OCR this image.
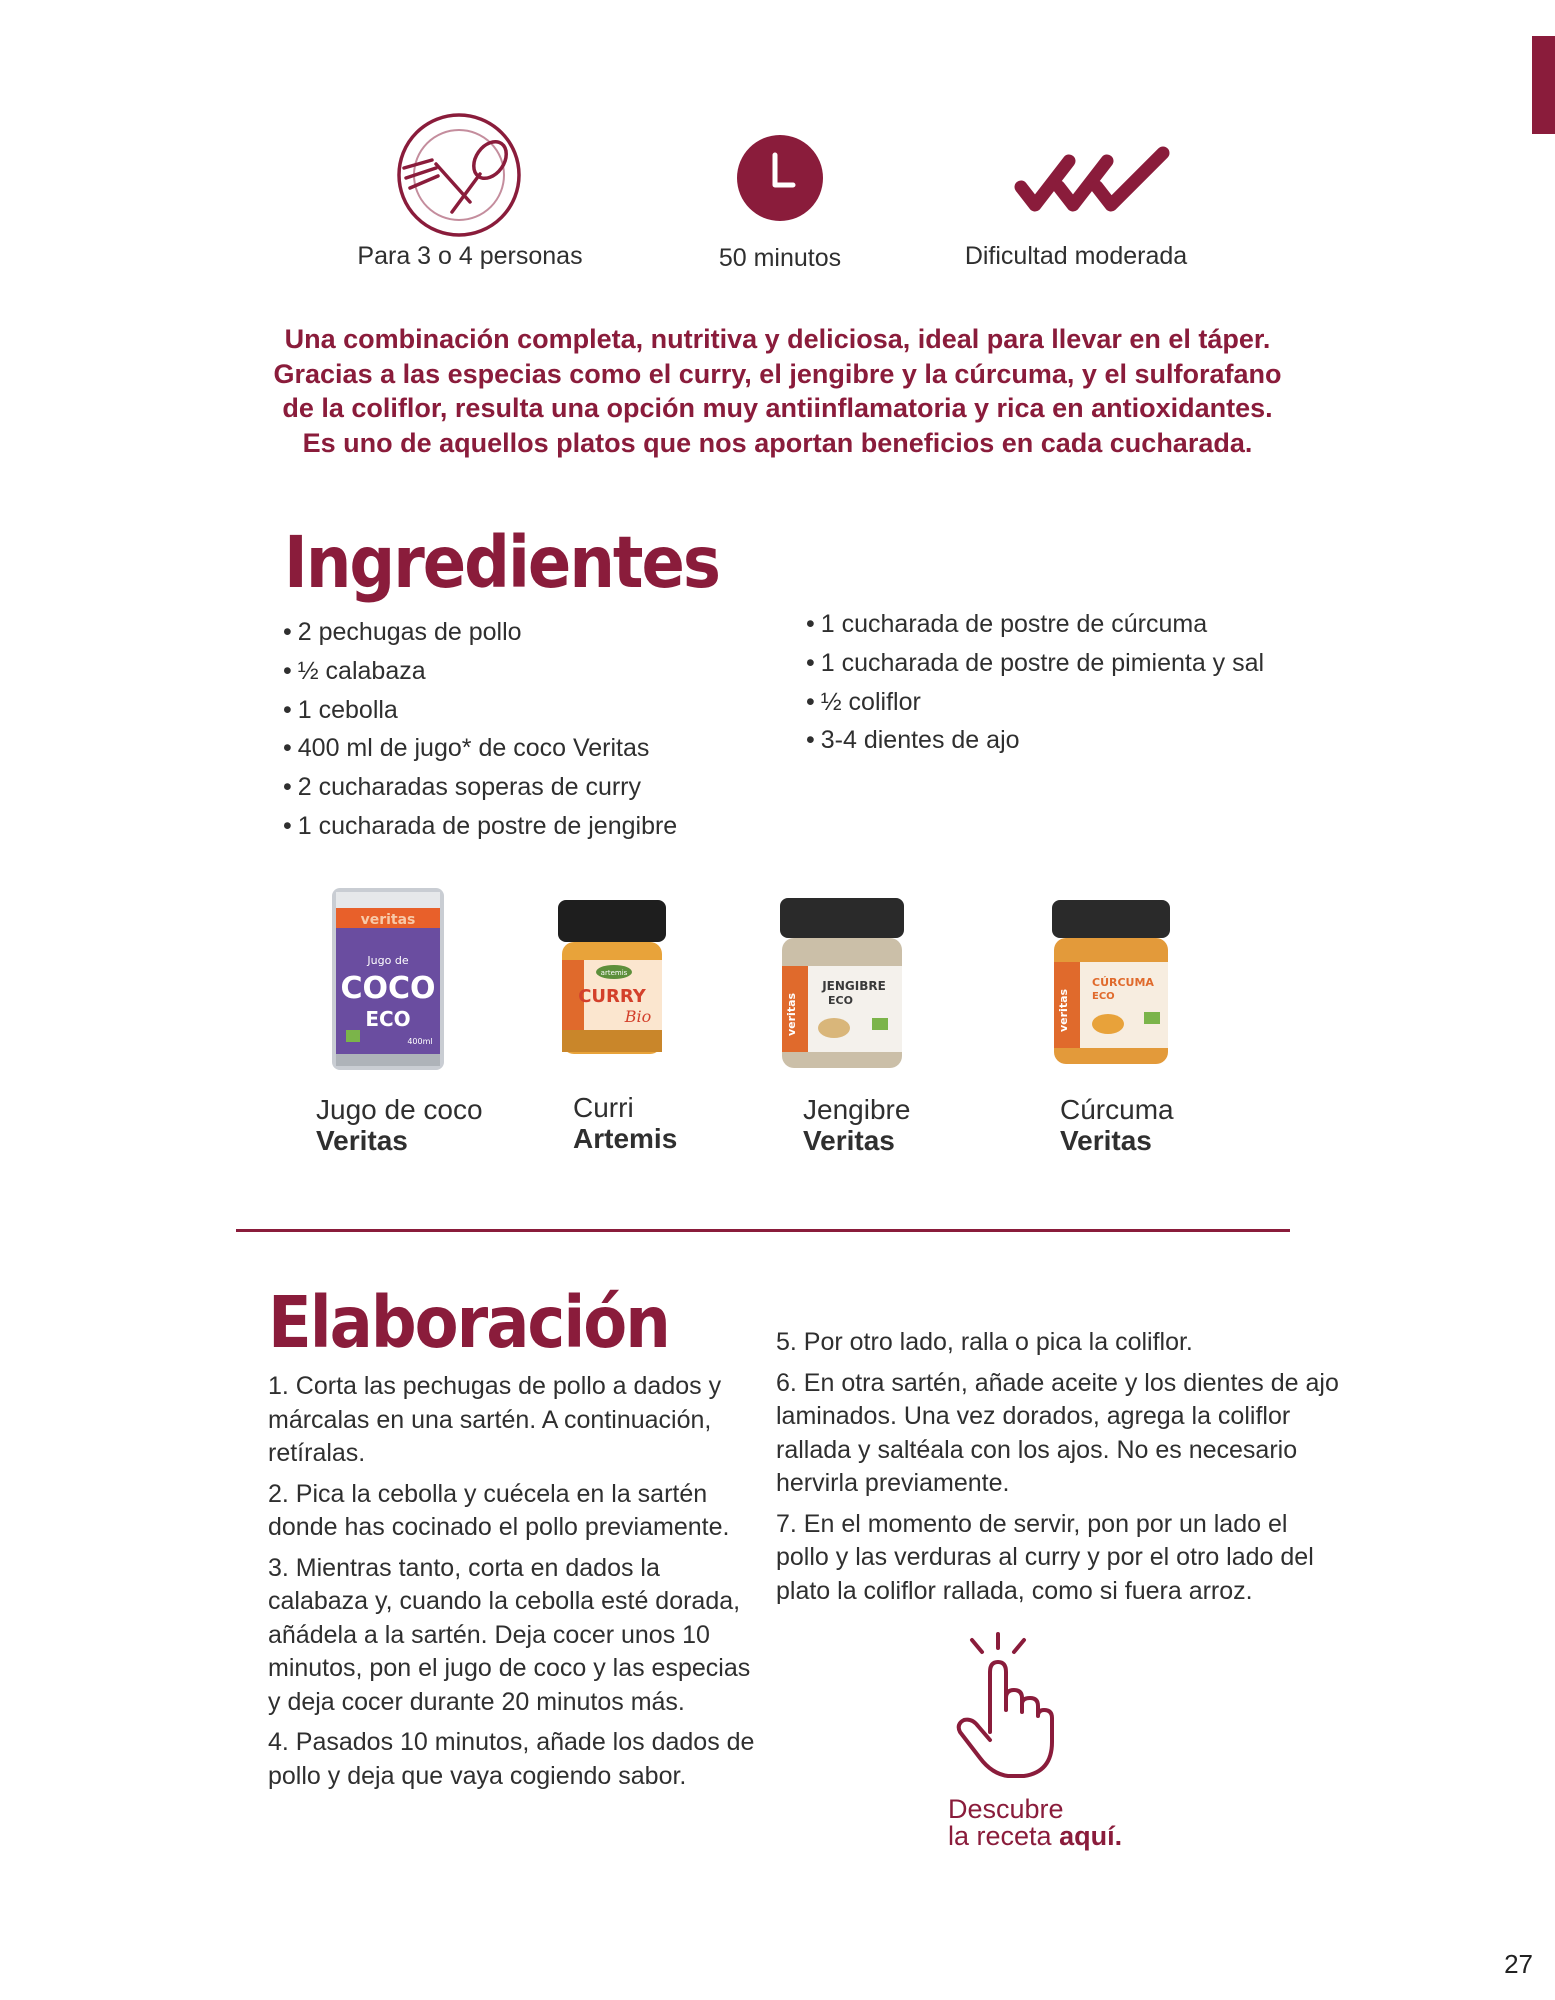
Para 3 o 4 personas	50 minutos	Dificultad moderada
Una combinación completa, nutritiva y deliciosa, ideal para llevar en el táper.
Gracias a las especias como el curry, el jengibre y la cúrcuma, y el sulforafano
de la coliflor, resulta una opción muy antiinflamatoria y rica en antioxidantes.
Es uno de aquellos platos que nos aportan beneficios en cada cucharada.
Ingredientes
• 2 pechugas de pollo
• ½ calabaza
• 1 cebolla
• 400 ml de jugo* de coco Veritas
• 2 cucharadas soperas de curry
• 1 cucharada de postre de jengibre
• 1 cucharada de postre de cúrcuma
• 1 cucharada de postre de pimienta y sal
• ½ coliflor
• 3-4 dientes de ajo
veritas
Jugo de
COCO
ECO
400ml
artemis
CURRY
Bio
JENGIBRE
ECO
veritas
CÚRCUMA
ECO
veritas
Jugo de coco
Veritas
Curri
Artemis
Jengibre
Veritas
Cúrcuma
Veritas
Elaboración

1. Corta las pechugas de pollo a dados y márcalas en una sartén. A continuación, retíralas.

2. Pica la cebolla y cuécela en la sartén donde has cocinado el pollo previamente.

3. Mientras tanto, corta en dados la calabaza y, cuando la cebolla esté dorada, añádela a la sartén. Deja cocer unos 10 minutos, pon el jugo de coco y las especias y deja cocer durante 20 minutos más.

4. Pasados 10 minutos, añade los dados de pollo y deja que vaya cogiendo sabor.

5. Por otro lado, ralla o pica la coliflor.

6. En otra sartén, añade aceite y los dientes de ajo laminados. Una vez dorados, agrega la coliflor rallada y saltéala con los ajos. No es necesario hervirla previamente.

7. En el momento de servir, pon por un lado el pollo y las verduras al curry y por el otro lado del plato la coliflor rallada, como si fuera arroz.

Descubre
la receta aquí.
27
